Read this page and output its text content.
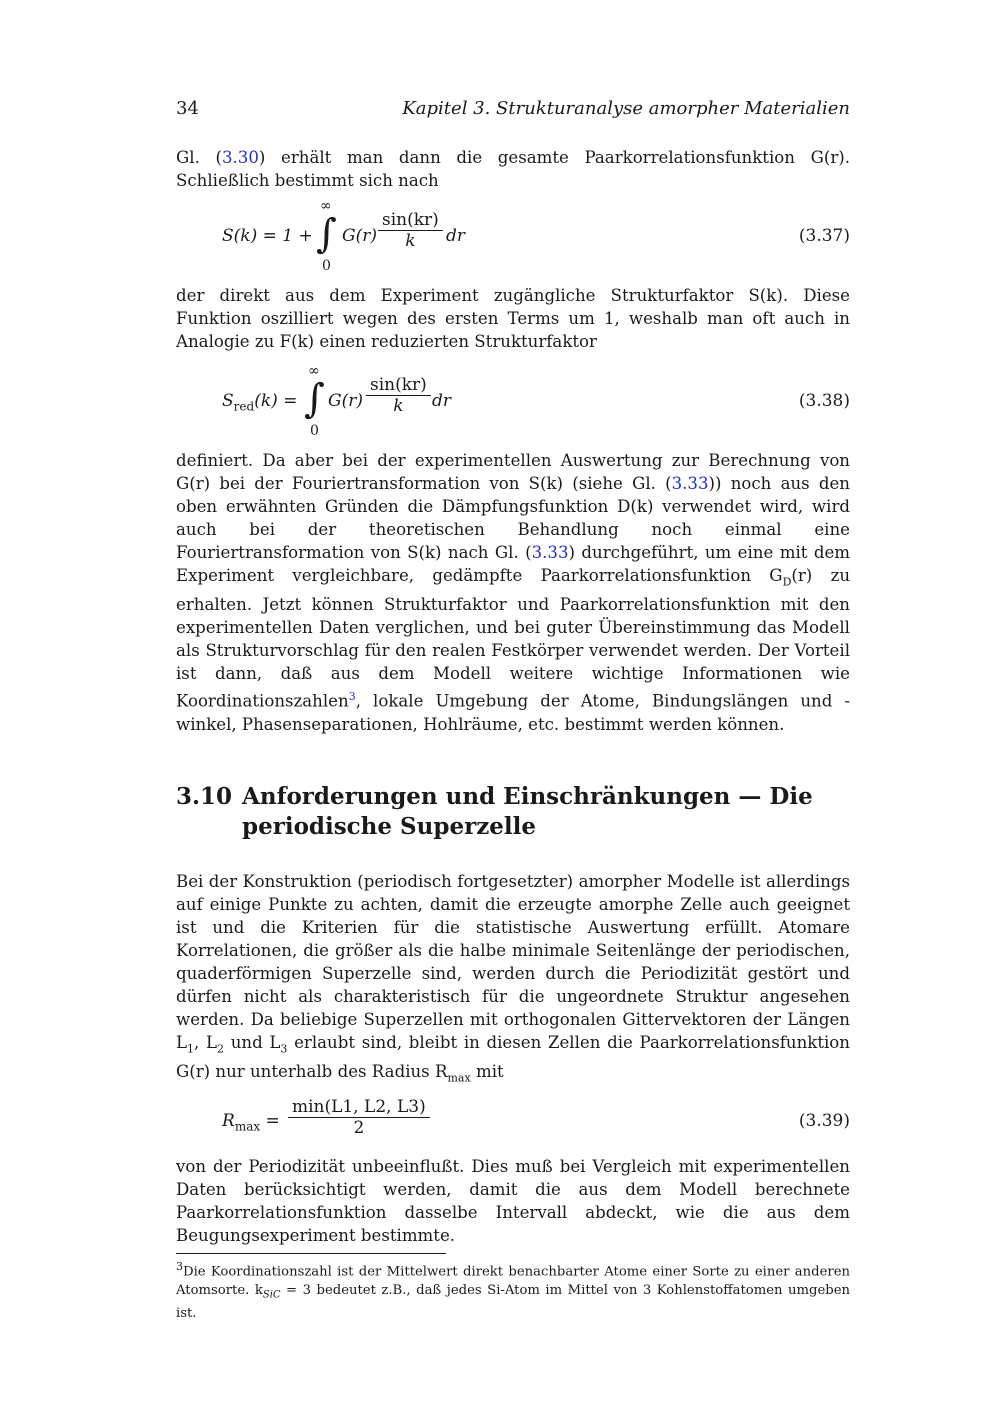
34	Kapitel 3. Strukturanalyse amorpher Materialien

Gl. (3.30) erhält man dann die gesamte Paarkorrelationsfunktion G(r). Schließlich bestimmt sich nach

S(k) = 1 +
∞
∫
0
$G(r) \frac{\sin(kr)}{k}$ dr	(3.37)

der direkt aus dem Experiment zugängliche Strukturfaktor S(k). Diese Funktion oszilliert wegen des ersten Terms um 1, weshalb man oft auch in Analogie zu F(k) einen reduzierten Strukturfaktor

$S_{red}(k)$ =
∞
∫
0
$G(r) \frac{\sin(kr)}{k}$ dr	(3.38)

definiert. Da aber bei der experimentellen Auswertung zur Berechnung von G(r) bei der Fouriertransformation von S(k) (siehe Gl. (3.33)) noch aus den oben erwähnten Gründen die Dämpfungsfunktion D(k) verwendet wird, wird auch bei der theoretischen Behandlung noch einmal eine Fouriertransformation von S(k) nach Gl. (3.33) durchgeführt, um eine mit dem Experiment vergleichbare, gedämpfte Paarkorrelationsfunktion $G_D(r)$ zu erhalten. Jetzt können Strukturfaktor und Paarkorrelationsfunktion mit den experimentellen Daten verglichen, und bei guter Übereinstimmung das Modell als Strukturvorschlag für den realen Festkörper verwendet werden. Der Vorteil ist dann, daß aus dem Modell weitere wichtige Informationen wie Koordinationszahlen$^3$, lokale Umgebung der Atome, Bindungslängen und -winkel, Phasenseparationen, Hohlräume, etc. bestimmt werden können.

3.10 Anforderungen und Einschränkungen — Die periodische Superzelle

Bei der Konstruktion (periodisch fortgesetzter) amorpher Modelle ist allerdings auf einige Punkte zu achten, damit die erzeugte amorphe Zelle auch geeignet ist und die Kriterien für die statistische Auswertung erfüllt. Atomare Korrelationen, die größer als die halbe minimale Seitenlänge der periodischen, quaderförmigen Superzelle sind, werden durch die Periodizität gestört und dürfen nicht als charakteristisch für die ungeordnete Struktur angesehen werden. Da beliebige Superzellen mit orthogonalen Gittervektoren der Längen $L_1$, $L_2$ und $L_3$ erlaubt sind, bleibt in diesen Zellen die Paarkorrelationsfunktion G(r) nur unterhalb des Radius $R_{max}$ mit

$R_{max}$ =
min(L1, L2, L3)
2	(3.39)

von der Periodizität unbeeinflußt. Dies muß bei Vergleich mit experimentellen Daten berücksichtigt werden, damit die aus dem Modell berechnete Paarkorrelationsfunktion dasselbe Intervall abdeckt, wie die aus dem Beugungsexperiment bestimmte.

$^3$Die Koordinationszahl ist der Mittelwert direkt benachbarter Atome einer Sorte zu einer anderen Atomsorte. $k_{SiC} = 3$ bedeutet z.B., daß jedes Si-Atom im Mittel von 3 Kohlenstoffatomen umgeben ist.
